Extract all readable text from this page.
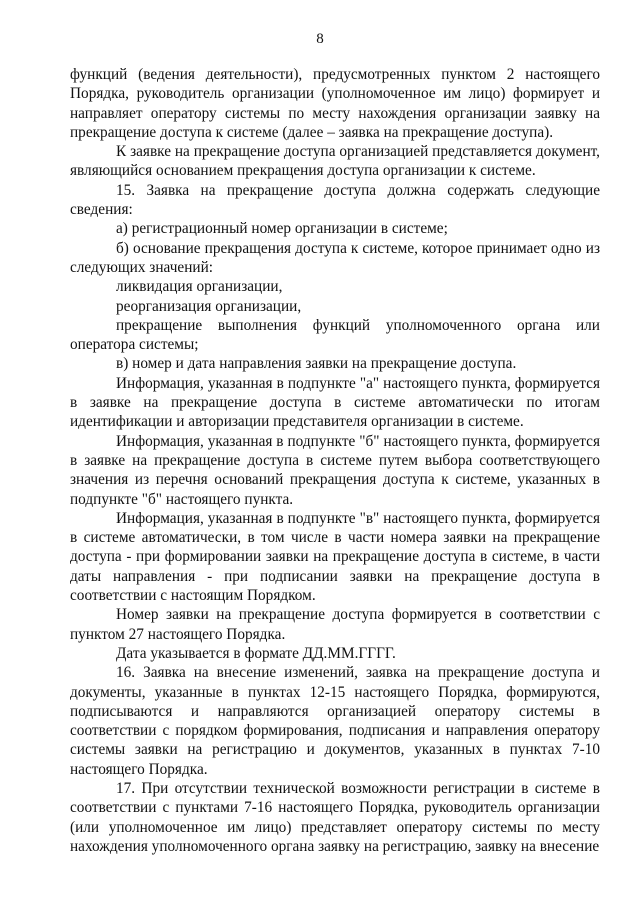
8

функций (ведения деятельности), предусмотренных пунктом 2 настоящего Порядка, руководитель организации (уполномоченное им лицо) формирует и направляет оператору системы по месту нахождения организации заявку на прекращение доступа к системе (далее – заявка на прекращение доступа).

К заявке на прекращение доступа организацией представляется документ, являющийся основанием прекращения доступа организации к системе.

15. Заявка на прекращение доступа должна содержать следующие сведения:

а) регистрационный номер организации в системе;

б) основание прекращения доступа к системе, которое принимает одно из следующих значений:

ликвидация организации,

реорганизация организации,

прекращение выполнения функций уполномоченного органа или оператора системы;

в) номер и дата направления заявки на прекращение доступа.

Информация, указанная в подпункте "а" настоящего пункта, формируется в заявке на прекращение доступа в системе автоматически по итогам идентификации и авторизации представителя организации в системе.

Информация, указанная в подпункте "б" настоящего пункта, формируется в заявке на прекращение доступа в системе путем выбора соответствующего значения из перечня оснований прекращения доступа к системе, указанных в подпункте "б" настоящего пункта.

Информация, указанная в подпункте "в" настоящего пункта, формируется в системе автоматически, в том числе в части номера заявки на прекращение доступа - при формировании заявки на прекращение доступа в системе, в части даты направления - при подписании заявки на прекращение доступа в соответствии с настоящим Порядком.

Номер заявки на прекращение доступа формируется в соответствии с пунктом 27 настоящего Порядка.

Дата указывается в формате ДД.ММ.ГГГГ.

16. Заявка на внесение изменений, заявка на прекращение доступа и документы, указанные в пунктах 12-15 настоящего Порядка, формируются, подписываются и направляются организацией оператору системы в соответствии с порядком формирования, подписания и направления оператору системы заявки на регистрацию и документов, указанных в пунктах 7-10 настоящего Порядка.

17. При отсутствии технической возможности регистрации в системе в соответствии с пунктами 7-16 настоящего Порядка, руководитель организации (или уполномоченное им лицо) представляет оператору системы по месту нахождения уполномоченного органа заявку на регистрацию, заявку на внесение
